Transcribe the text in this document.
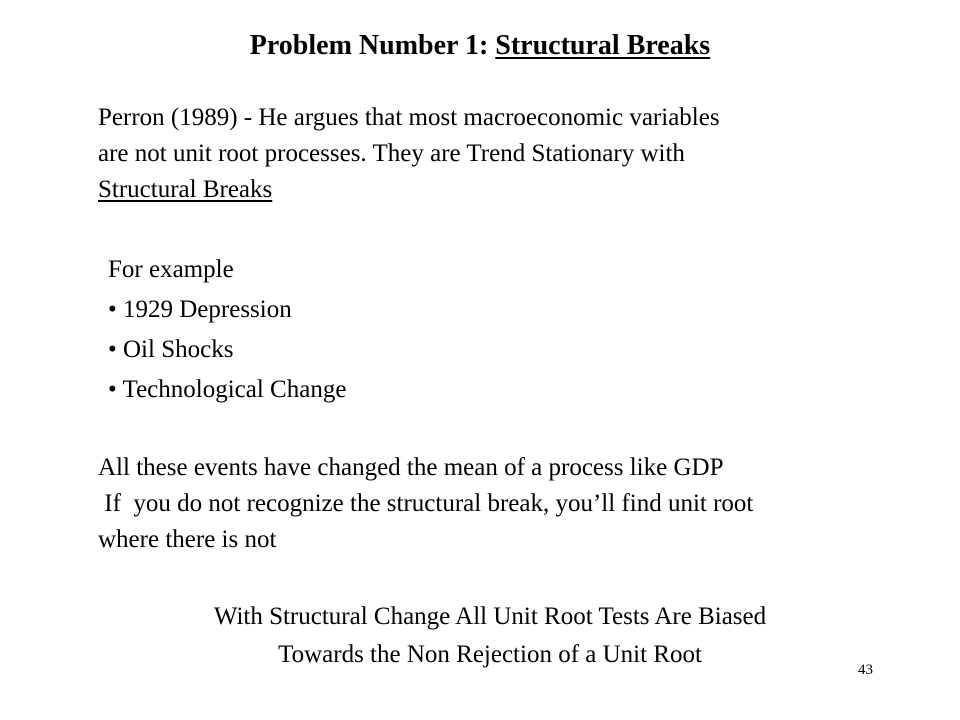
Problem Number 1: Structural Breaks
Perron (1989) - He argues that most macroeconomic variables
are not unit root processes. They are Trend Stationary with
Structural Breaks
For example
• 1929 Depression
• Oil Shocks
• Technological Change
All these events have changed the mean of a process like GDP
If  you do not recognize the structural break, you’ll find unit root
where there is not
With Structural Change All Unit Root Tests Are Biased
Towards the Non Rejection of a Unit Root
43
